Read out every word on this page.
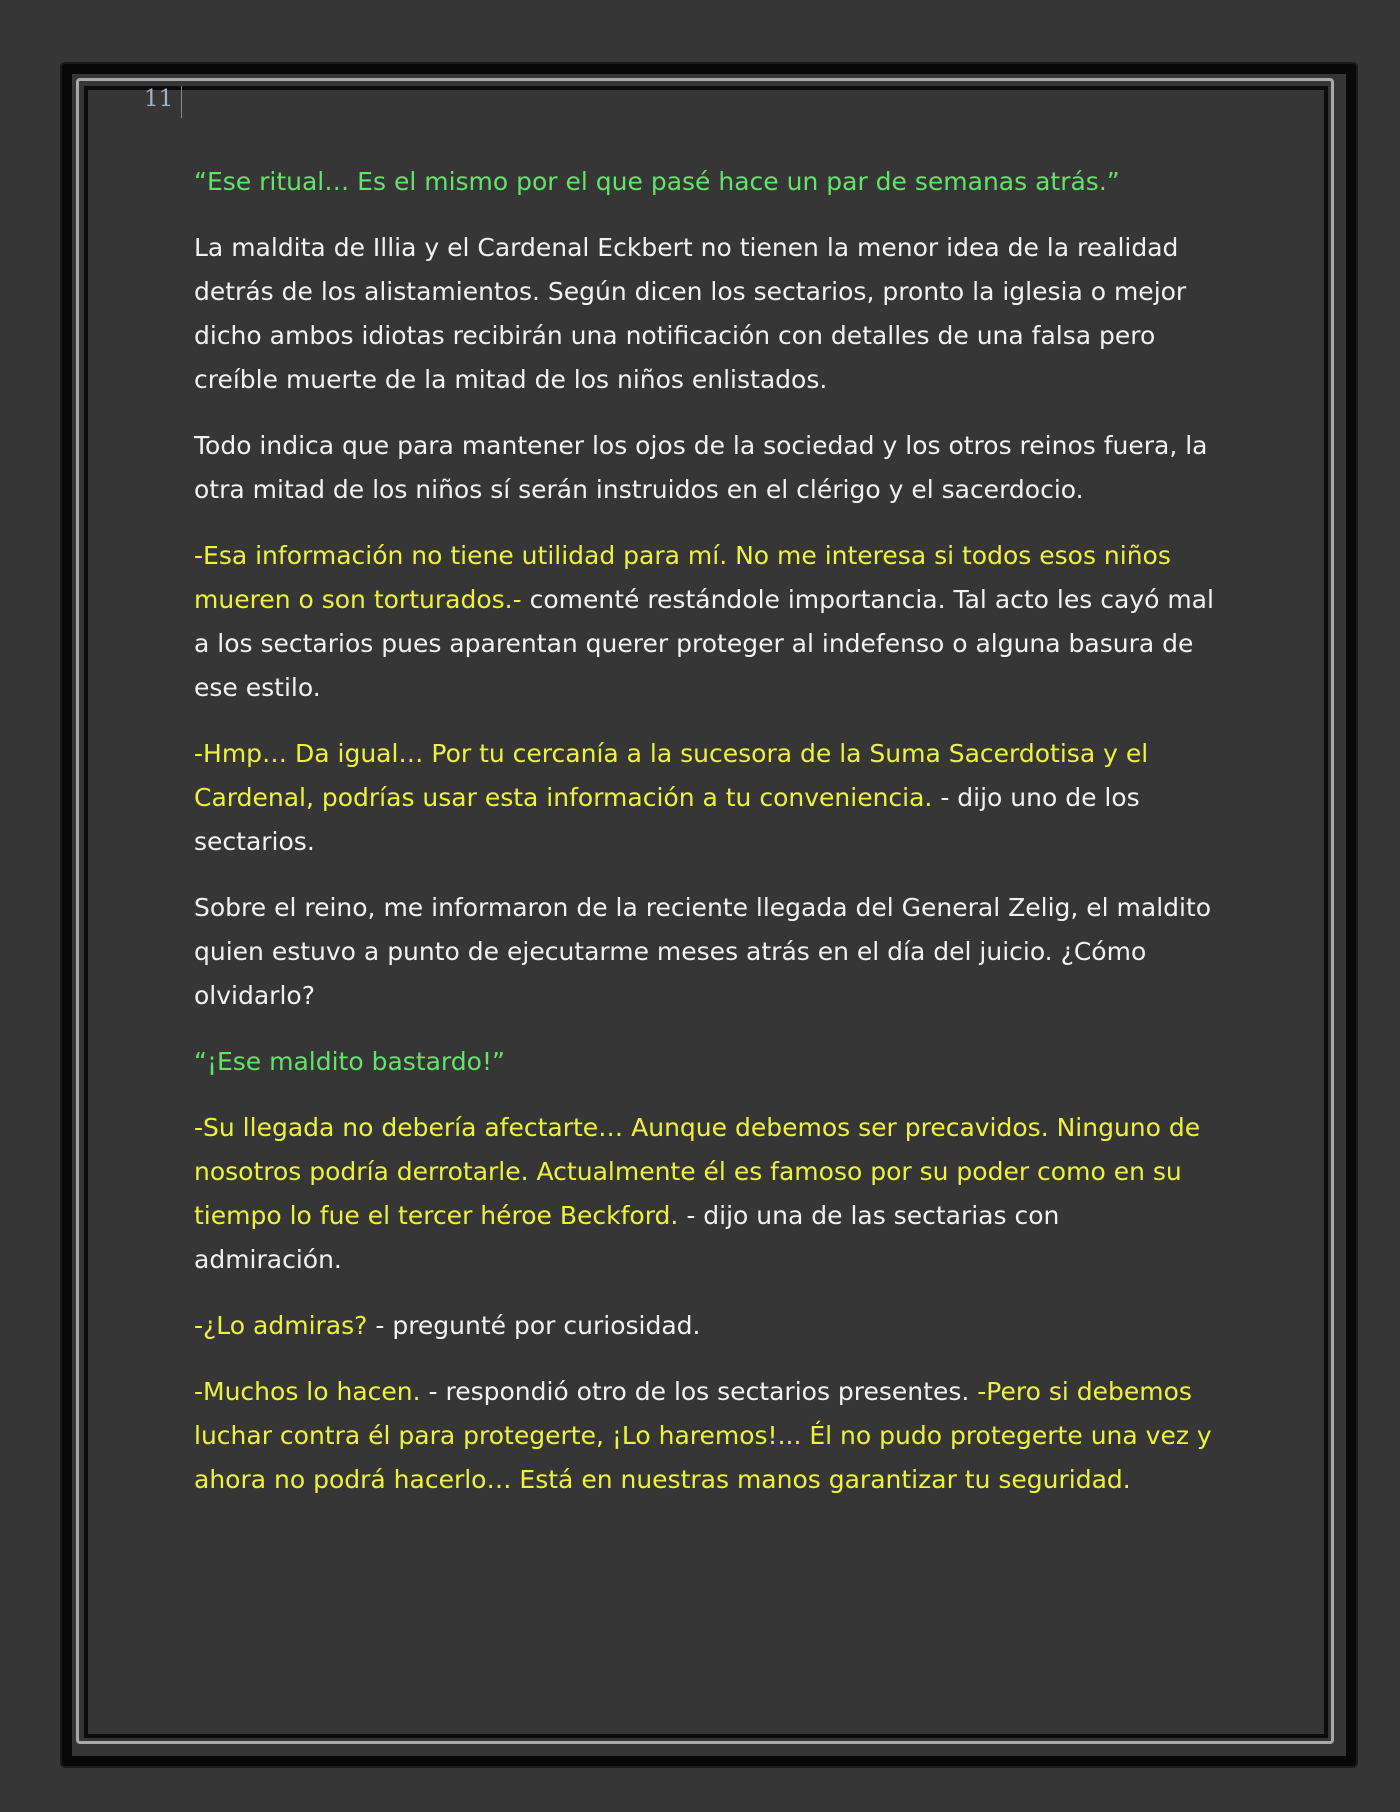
11

“Ese ritual… Es el mismo por el que pasé hace un par de semanas atrás.”

La maldita de Illia y el Cardenal Eckbert no tienen la menor idea de la realidad detrás de los alistamientos. Según dicen los sectarios, pronto la iglesia o mejor dicho ambos idiotas recibirán una notificación con detalles de una falsa pero creíble muerte de la mitad de los niños enlistados.

Todo indica que para mantener los ojos de la sociedad y los otros reinos fuera, la otra mitad de los niños sí serán instruidos en el clérigo y el sacerdocio.

-Esa información no tiene utilidad para mí. No me interesa si todos esos niños mueren o son torturados.- comenté restándole importancia. Tal acto les cayó mal a los sectarios pues aparentan querer proteger al indefenso o alguna basura de ese estilo.

-Hmp… Da igual… Por tu cercanía a la sucesora de la Suma Sacerdotisa y el Cardenal, podrías usar esta información a tu conveniencia. - dijo uno de los sectarios.

Sobre el reino, me informaron de la reciente llegada del General Zelig, el maldito quien estuvo a punto de ejecutarme meses atrás en el día del juicio. ¿Cómo olvidarlo?

“¡Ese maldito bastardo!”

-Su llegada no debería afectarte… Aunque debemos ser precavidos. Ninguno de nosotros podría derrotarle. Actualmente él es famoso por su poder como en su tiempo lo fue el tercer héroe Beckford. - dijo una de las sectarias con admiración.

-¿Lo admiras? - pregunté por curiosidad.

-Muchos lo hacen. - respondió otro de los sectarios presentes. -Pero si debemos luchar contra él para protegerte, ¡Lo haremos!... Él no pudo protegerte una vez y ahora no podrá hacerlo… Está en nuestras manos garantizar tu seguridad.
